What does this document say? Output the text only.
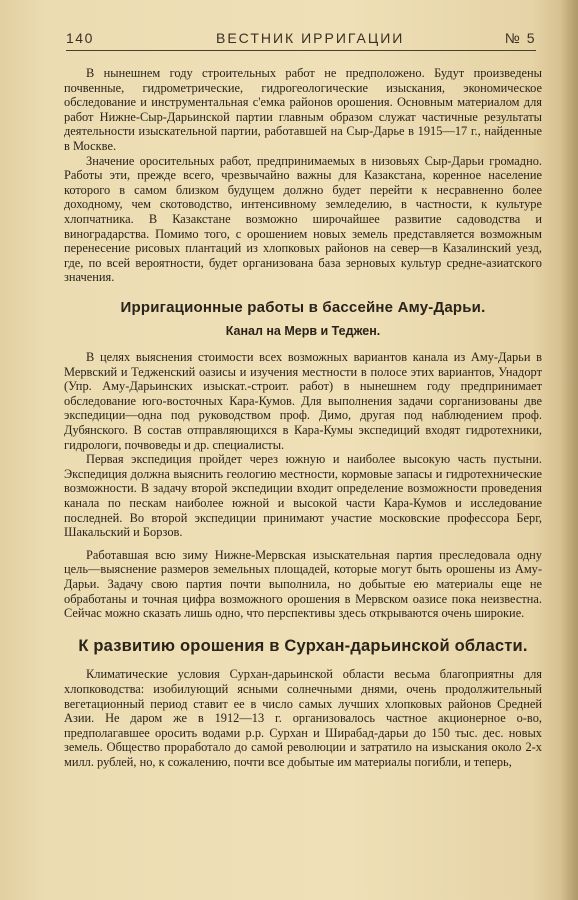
140	ВЕСТНИК ИРРИГАЦИИ	№ 5

В нынешнем году строительных работ не предположено. Будут произведены почвенные, гидрометрические, гидрогеологические изыскания, экономическое обследование и инструментальная с'емка районов орошения. Основным материалом для работ Нижне-Сыр-Дарьинской партии главным образом служат частичные результаты деятельности изыскательной партии, работавшей на Сыр-Дарье в 1915—17 г., найденные в Москве.

Значение оросительных работ, предпринимаемых в низовьях Сыр-Дарьи громадно. Работы эти, прежде всего, чрезвычайно важны для Казакстана, коренное население которого в самом близком будущем должно будет перейти к несравненно более доходному, чем скотоводство, интенсивному земледелию, в частности, к культуре хлопчатника. В Казакстане возможно широчайшее развитие садоводства и виноградарства. Помимо того, с орошением новых земель представляется возможным перенесение рисовых плантаций из хлопковых районов на север—в Казалинский уезд, где, по всей вероятности, будет организована база зерновых культур средне-азиатского значения.

Ирригационные работы в бассейне Аму-Дарьи.
Канал на Мерв и Теджен.

В целях выяснения стоимости всех возможных вариантов канала из Аму-Дарьи в Мервский и Тедженский оазисы и изучения местности в полосе этих вариантов, Унадорт (Упр. Аму-Дарьинских изыскат.-строит. работ) в нынешнем году предпринимает обследование юго-восточных Кара-Кумов. Для выполнения задачи сорганизованы две экспедиции—одна под руководством проф. Димо, другая под наблюдением проф. Дубянского. В состав отправляющихся в Кара-Кумы экспедиций входят гидротехники, гидрологи, почвоведы и др. специалисты.

Первая экспедиция пройдет через южную и наиболее высокую часть пустыни. Экспедиция должна выяснить геологию местности, кормовые запасы и гидротехнические возможности. В задачу второй экспедиции входит определение возможности проведения канала по пескам наиболее южной и высокой части Кара-Кумов и исследование последней. Во второй экспедиции принимают участие московские профессора Берг, Шакальский и Борзов.

Работавшая всю зиму Нижне-Мервская изыскательная партия преследовала одну цель—выяснение размеров земельных площадей, которые могут быть орошены из Аму-Дарьи. Задачу свою партия почти выполнила, но добытые ею материалы еще не обработаны и точная цифра возможного орошения в Мервском оазисе пока неизвестна. Сейчас можно сказать лишь одно, что перспективы здесь открываются очень широкие.

К развитию орошения в Сурхан-дарьинской области.

Климатические условия Сурхан-дарьинской области весьма благоприятны для хлопководства: изобилующий ясными солнечными днями, очень продолжительный вегетационный период ставит ее в число самых лучших хлопковых районов Средней Азии. Не даром же в 1912—13 г. организовалось частное акционерное о-во, предполагавшее оросить водами р.р. Сурхан и Ширабад-дарьи до 150 тыс. дес. новых земель. Общество проработало до самой революции и затратило на изыскания около 2-х милл. рублей, но, к сожалению, почти все добытые им материалы погибли, и теперь,
